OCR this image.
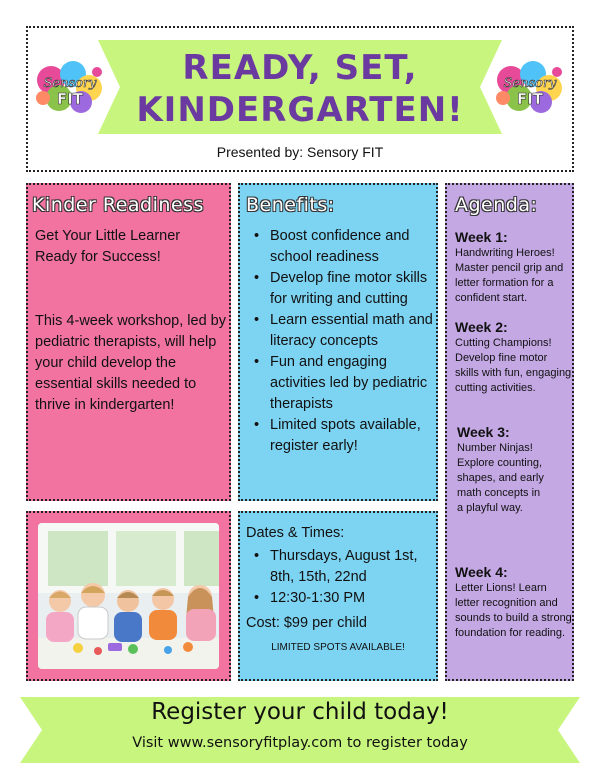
Sensory
FIT
READY, SET,
KINDERGARTEN!
Sensory
FIT
Presented by: Sensory FIT
Kinder Readiness
Get Your Little Learner Ready for Success!
This 4-week workshop, led by pediatric therapists, will help your child develop the essential skills needed to thrive in kindergarten!
Benefits:
• Boost confidence and school readiness
• Develop fine motor skills for writing and cutting
• Learn essential math and literacy concepts
• Fun and engaging activities led by pediatric therapists
• Limited spots available, register early!
Agenda:
Week 1:
Handwriting Heroes! Master pencil grip and letter formation for a confident start.
Week 2:
Cutting Champions! Develop fine motor skills with fun, engaging cutting activities.
Week 3:
Number Ninjas! Explore counting, shapes, and early math concepts in a playful way.
Week 4:
Letter Lions! Learn letter recognition and sounds to build a strong foundation for reading.
Dates & Times:
• Thursdays, August 1st, 8th, 15th, 22nd
• 12:30-1:30 PM
Cost: $99 per child
LIMITED SPOTS AVAILABLE!
Register your child today!
Visit www.sensoryfitplay.com to register today
